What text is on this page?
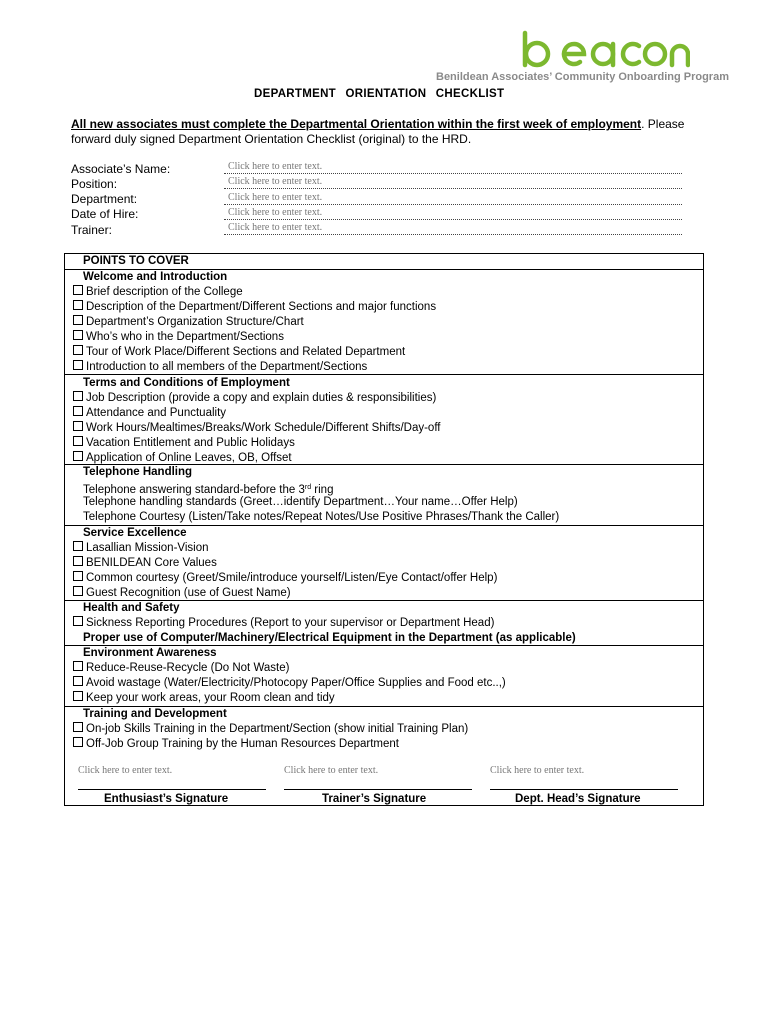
Benildean Associates’ Community Onboarding Program
DEPARTMENT ORIENTATION CHECKLIST
All new associates must complete the Departmental Orientation within the first week of employment. Please forward duly signed Department Orientation Checklist (original) to the HRD.
Associate’s Name:	Click here to enter text.
Position:	Click here to enter text.
Department:	Click here to enter text.
Date of Hire:	Click here to enter text.
Trainer:	Click here to enter text.
POINTS TO COVER
Welcome and Introduction
Brief description of the College
Description of the Department/Different Sections and major functions
Department’s Organization Structure/Chart
Who’s who in the Department/Sections
Tour of Work Place/Different Sections and Related Department
Introduction to all members of the Department/Sections
Terms and Conditions of Employment
Job Description (provide a copy and explain duties & responsibilities)
Attendance and Punctuality
Work Hours/Mealtimes/Breaks/Work Schedule/Different Shifts/Day-off
Vacation Entitlement and Public Holidays
Application of Online Leaves, OB, Offset
Telephone Handling
Telephone answering standard-before the 3rd ring
Telephone handling standards (Greet…identify Department…Your name…Offer Help)
Telephone Courtesy (Listen/Take notes/Repeat Notes/Use Positive Phrases/Thank the Caller)
Service Excellence
Lasallian Mission-Vision
BENILDEAN Core Values
Common courtesy (Greet/Smile/introduce yourself/Listen/Eye Contact/offer Help)
Guest Recognition (use of Guest Name)
Health and Safety
Sickness Reporting Procedures (Report to your supervisor or Department Head)
Proper use of Computer/Machinery/Electrical Equipment in the Department (as applicable)
Environment Awareness
Reduce-Reuse-Recycle (Do Not Waste)
Avoid wastage (Water/Electricity/Photocopy Paper/Office Supplies and Food etc..,)
Keep your work areas, your Room clean and tidy
Training and Development
On-job Skills Training in the Department/Section (show initial Training Plan)
Off-Job Group Training by the Human Resources Department
Click here to enter text.
Enthusiast’s Signature
Click here to enter text.
Trainer’s Signature
Click here to enter text.
Dept. Head’s Signature
